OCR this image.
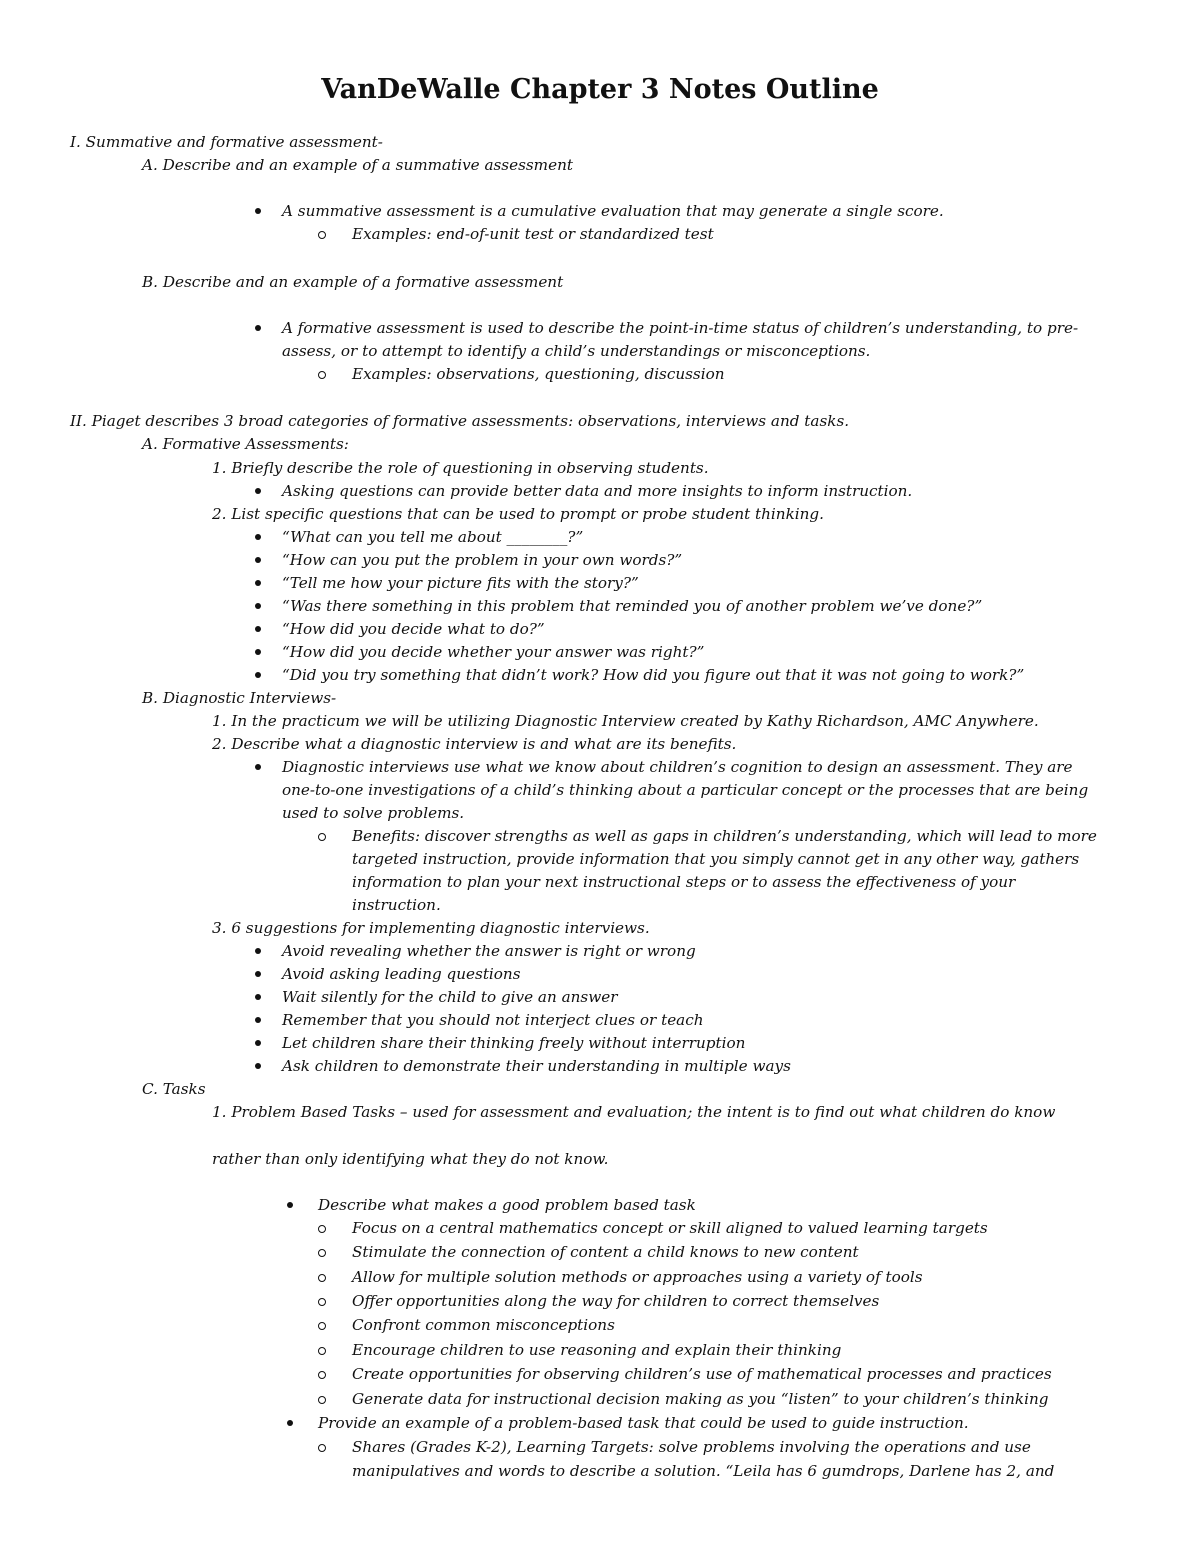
VanDeWalle Chapter 3 Notes Outline
I. Summative and formative assessment-
A. Describe and an example of a summative assessment
A summative assessment is a cumulative evaluation that may generate a single score.
Examples: end-of-unit test or standardized test
B. Describe and an example of a formative assessment
A formative assessment is used to describe the point-in-time status of children’s understanding, to pre-
assess, or to attempt to identify a child’s understandings or misconceptions.
Examples: observations, questioning, discussion
II. Piaget describes 3 broad categories of formative assessments: observations, interviews and tasks.
A. Formative Assessments:
1. Briefly describe the role of questioning in observing students.
Asking questions can provide better data and more insights to inform instruction.
2. List specific questions that can be used to prompt or probe student thinking.
“What can you tell me about ________?”
“How can you put the problem in your own words?”
“Tell me how your picture fits with the story?”
“Was there something in this problem that reminded you of another problem we’ve done?”
“How did you decide what to do?”
“How did you decide whether your answer was right?”
“Did you try something that didn’t work? How did you figure out that it was not going to work?”
B. Diagnostic Interviews-
1. In the practicum we will be utilizing Diagnostic Interview created by Kathy Richardson, AMC Anywhere.
2. Describe what a diagnostic interview is and what are its benefits.
Diagnostic interviews use what we know about children’s cognition to design an assessment. They are
one-to-one investigations of a child’s thinking about a particular concept or the processes that are being
used to solve problems.
Benefits: discover strengths as well as gaps in children’s understanding, which will lead to more
targeted instruction, provide information that you simply cannot get in any other way, gathers
information to plan your next instructional steps or to assess the effectiveness of your
instruction.
3. 6 suggestions for implementing diagnostic interviews.
Avoid revealing whether the answer is right or wrong
Avoid asking leading questions
Wait silently for the child to give an answer
Remember that you should not interject clues or teach
Let children share their thinking freely without interruption
Ask children to demonstrate their understanding in multiple ways
C. Tasks
1. Problem Based Tasks – used for assessment and evaluation; the intent is to find out what children do know
rather than only identifying what they do not know.
Describe what makes a good problem based task
Focus on a central mathematics concept or skill aligned to valued learning targets
Stimulate the connection of content a child knows to new content
Allow for multiple solution methods or approaches using a variety of tools
Offer opportunities along the way for children to correct themselves
Confront common misconceptions
Encourage children to use reasoning and explain their thinking
Create opportunities for observing children’s use of mathematical processes and practices
Generate data for instructional decision making as you “listen” to your children’s thinking
Provide an example of a problem-based task that could be used to guide instruction.
Shares (Grades K-2), Learning Targets: solve problems involving the operations and use
manipulatives and words to describe a solution. “Leila has 6 gumdrops, Darlene has 2, and
